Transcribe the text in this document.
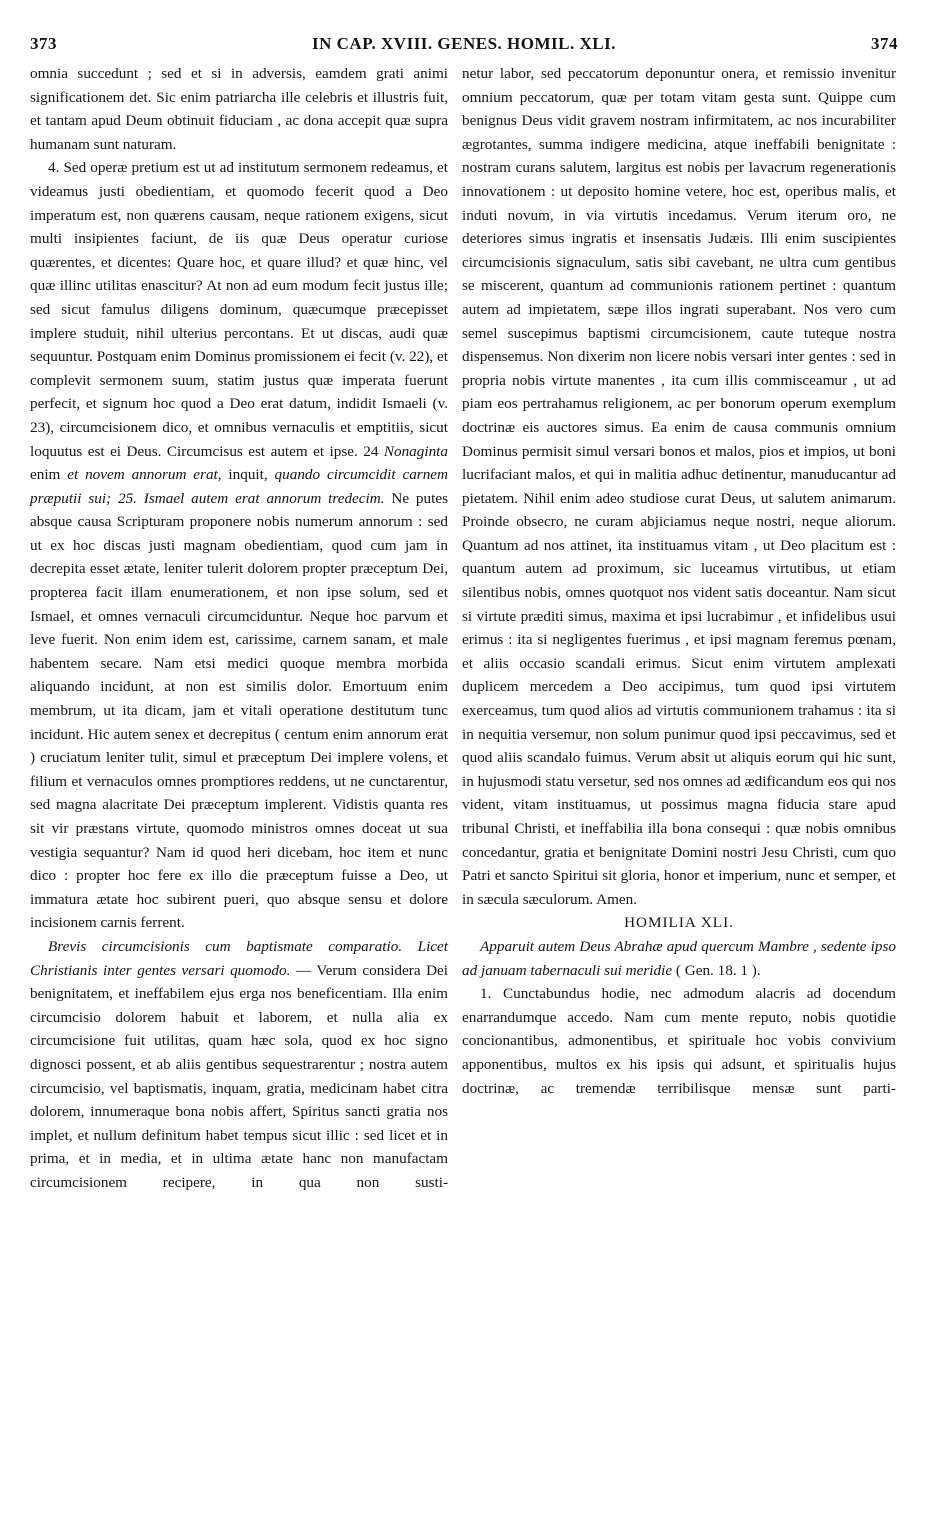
373	IN CAP. XVIII. GENES. HOMIL. XLI.	374

omnia succedunt ; sed et si in adversis, eamdem grati animi significationem det. Sic enim patriarcha ille celebris et illustris fuit, et tantam apud Deum obtinuit fiduciam , ac dona accepit quæ supra humanam sunt naturam.

4. Sed operæ pretium est ut ad institutum sermonem redeamus, et videamus justi obedientiam, et quomodo fecerit quod a Deo imperatum est, non quærens causam, neque rationem exigens, sicut multi insipientes faciunt, de iis quæ Deus operatur curiose quærentes, et dicentes: Quare hoc, et quare illud? et quæ hinc, vel quæ illinc utilitas enascitur? At non ad eum modum fecit justus ille; sed sicut famulus diligens dominum, quæcumque præcepisset implere studuit, nihil ulterius percontans. Et ut discas, audi quæ sequuntur. Postquam enim Dominus promissionem ei fecit (v. 22), et complevit sermonem suum, statim justus quæ imperata fuerunt perfecit, et signum hoc quod a Deo erat datum, indidit Ismaeli (v. 23), circumcisionem dico, et omnibus vernaculis et emptitiis, sicut loquutus est ei Deus. Circumcisus est autem et ipse. 24 Nonaginta enim et novem annorum erat, inquit, quando circumcidit carnem præputii sui; 25. Ismael autem erat annorum tredecim. Ne putes absque causa Scripturam proponere nobis numerum annorum : sed ut ex hoc discas justi magnam obedientiam, quod cum jam in decrepita esset ætate, leniter tulerit dolorem propter præceptum Dei, propterea facit illam enumerationem, et non ipse solum, sed et Ismael, et omnes vernaculi circumciduntur. Neque hoc parvum et leve fuerit. Non enim idem est, carissime, carnem sanam, et male habentem secare. Nam etsi medici quoque membra morbida aliquando incidunt, at non est similis dolor. Emortuum enim membrum, ut ita dicam, jam et vitali operatione destitutum tunc incidunt. Hic autem senex et decrepitus ( centum enim annorum erat ) cruciatum leniter tulit, simul et præceptum Dei implere volens, et filium et vernaculos omnes promptiores reddens, ut ne cunctarentur, sed magna alacritate Dei præceptum implerent. Vidistis quanta res sit vir præstans virtute, quomodo ministros omnes doceat ut sua vestigia sequantur? Nam id quod heri dicebam, hoc item et nunc dico : propter hoc fere ex illo die præceptum fuisse a Deo, ut immatura ætate hoc subirent pueri, quo absque sensu et dolore incisionem carnis ferrent.

Brevis circumcisionis cum baptismate comparatio. Licet Christianis inter gentes versari quomodo. — Verum considera Dei benignitatem, et ineffabilem ejus erga nos beneficentiam. Illa enim circumcisio dolorem habuit et laborem, et nulla alia ex circumcisione fuit utilitas, quam hæc sola, quod ex hoc signo dignosci possent, et ab aliis gentibus sequestrarentur ; nostra autem circumcisio, vel baptismatis, inquam, gratia, medicinam habet citra dolorem, innumeraque bona nobis affert, Spiritus sancti gratia nos implet, et nullum definitum habet tempus sicut illic : sed licet et in prima, et in media, et in ultima ætate hanc non manufactam circumcisionem recipere, in qua non susti-

netur labor, sed peccatorum deponuntur onera, et remissio invenitur omnium peccatorum, quæ per totam vitam gesta sunt. Quippe cum benignus Deus vidit gravem nostram infirmitatem, ac nos incurabiliter ægrotantes, summa indigere medicina, atque ineffabili benignitate : nostram curans salutem, largitus est nobis per lavacrum regenerationis innovationem : ut deposito homine vetere, hoc est, operibus malis, et induti novum, in via virtutis incedamus. Verum iterum oro, ne deteriores simus ingratis et insensatis Judæis. Illi enim suscipientes circumcisionis signaculum, satis sibi cavebant, ne ultra cum gentibus se miscerent, quantum ad communionis rationem pertinet : quantum autem ad impietatem, sæpe illos ingrati superabant. Nos vero cum semel suscepimus baptismi circumcisionem, caute tuteque nostra dispensemus. Non dixerim non licere nobis versari inter gentes : sed in propria nobis virtute manentes , ita cum illis commisceamur , ut ad piam eos pertrahamus religionem, ac per bonorum operum exemplum doctrinæ eis auctores simus. Ea enim de causa communis omnium Dominus permisit simul versari bonos et malos, pios et impios, ut boni lucrifaciant malos, et qui in malitia adhuc detinentur, manuducantur ad pietatem. Nihil enim adeo studiose curat Deus, ut salutem animarum. Proinde obsecro, ne curam abjiciamus neque nostri, neque aliorum. Quantum ad nos attinet, ita instituamus vitam , ut Deo placitum est : quantum autem ad proximum, sic luceamus virtutibus, ut etiam silentibus nobis, omnes quotquot nos vident satis doceantur. Nam sicut si virtute præditi simus, maxima et ipsi lucrabimur , et infidelibus usui erimus : ita si negligentes fuerimus , et ipsi magnam feremus pœnam, et aliis occasio scandali erimus. Sicut enim virtutem amplexati duplicem mercedem a Deo accipimus, tum quod ipsi virtutem exerceamus, tum quod alios ad virtutis communionem trahamus : ita si in nequitia versemur, non solum punimur quod ipsi peccavimus, sed et quod aliis scandalo fuimus. Verum absit ut aliquis eorum qui hic sunt, in hujusmodi statu versetur, sed nos omnes ad ædificandum eos qui nos vident, vitam instituamus, ut possimus magna fiducia stare apud tribunal Christi, et ineffabilia illa bona consequi : quæ nobis omnibus concedantur, gratia et benignitate Domini nostri Jesu Christi, cum quo Patri et sancto Spiritui sit gloria, honor et imperium, nunc et semper, et in sæcula sæculorum. Amen.

HOMILIA XLI.

Apparuit autem Deus Abrahæ apud quercum Mambre , sedente ipso ad januam tabernaculi sui meridie ( Gen. 18. 1 ).

1. Cunctabundus hodie, nec admodum alacris ad docendum enarrandumque accedo. Nam cum mente reputo, nobis quotidie concionantibus, admonentibus, et spirituale hoc vobis convivium apponentibus, multos ex his ipsis qui adsunt, et spiritualis hujus doctrinæ, ac tremendæ terribilisque mensæ sunt parti-
